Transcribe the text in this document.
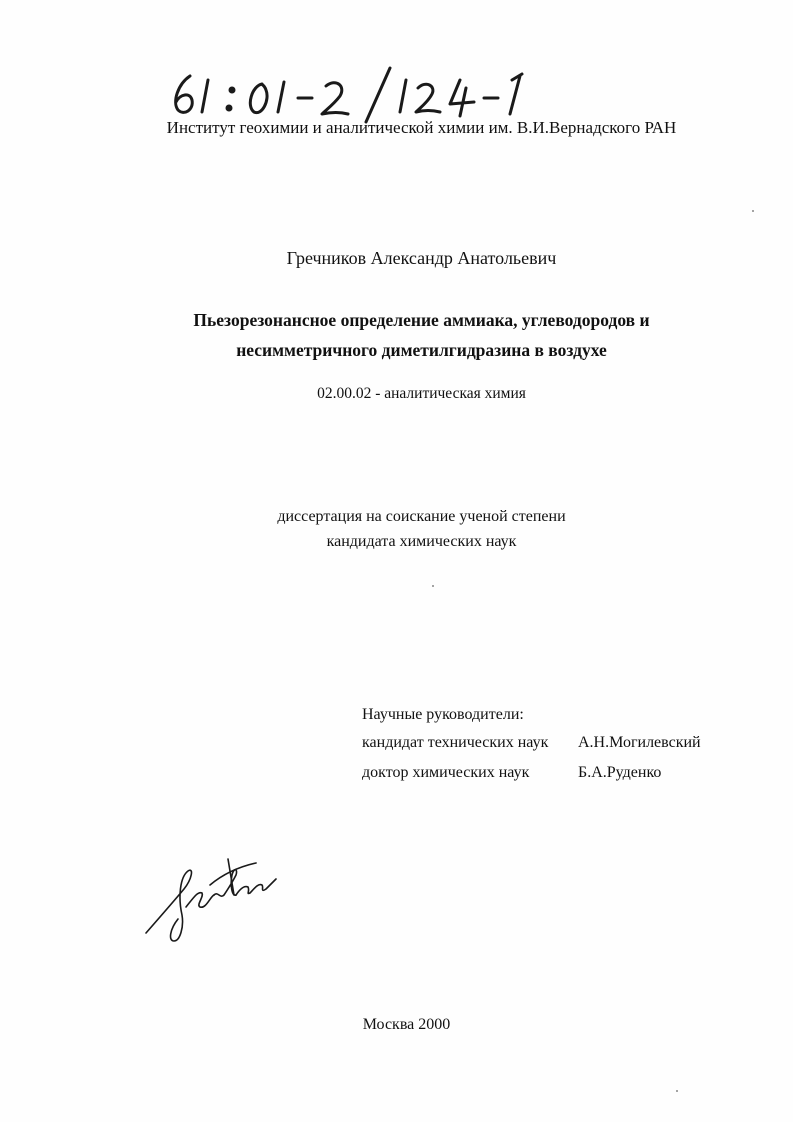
Институт геохимии и аналитической химии им. В.И.Вернадского РАН
Гречников Александр Анатольевич
Пьезорезонансное определение аммиака, углеводородов и
несимметричного диметилгидразина в воздухе
02.00.02 - аналитическая химия
диссертация на соискание ученой степени
кандидата химических наук
Научные руководители:
кандидат технических наук	А.Н.Могилевский
доктор химических наук	Б.А.Руденко
Москва 2000
